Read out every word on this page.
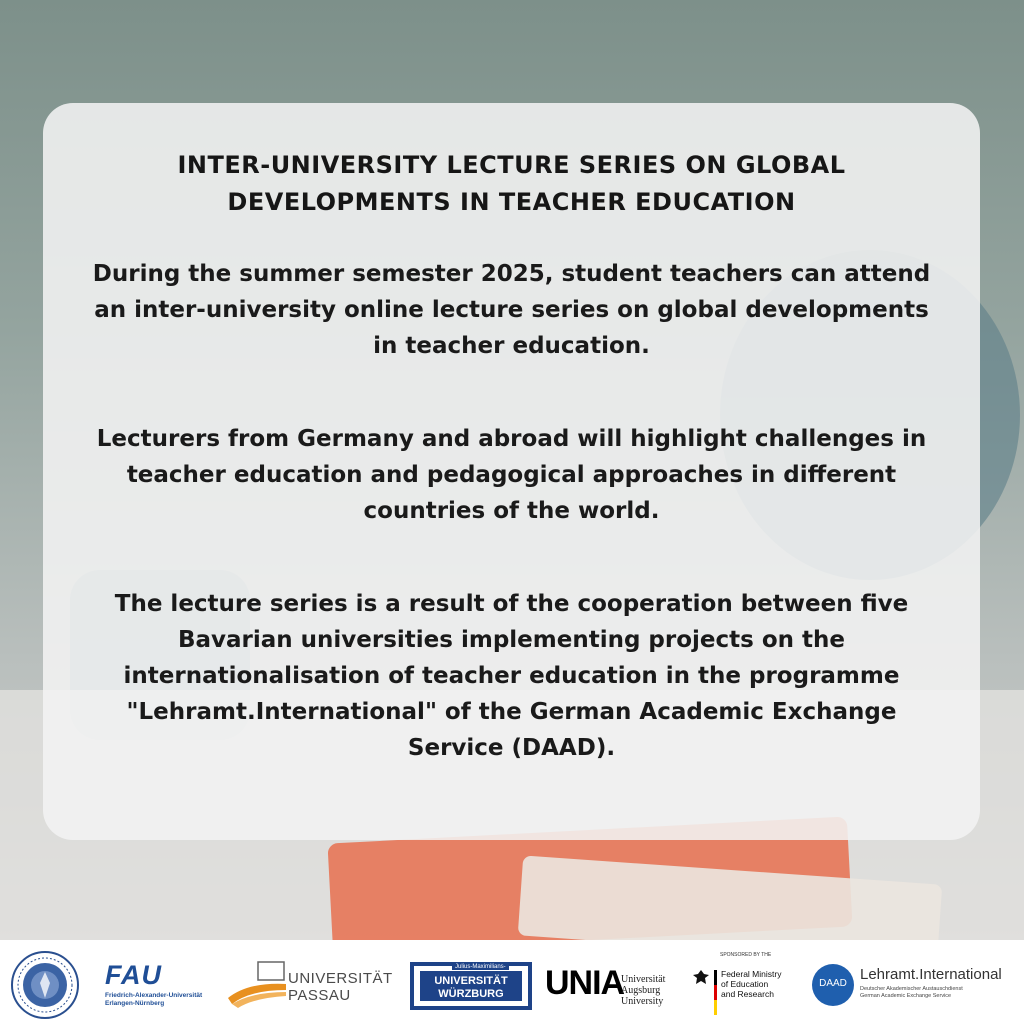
INTER-UNIVERSITY LECTURE SERIES ON GLOBAL
DEVELOPMENTS IN TEACHER EDUCATION
During the summer semester 2025, student teachers can attend an inter-university online lecture series on global developments in teacher education.
Lecturers from Germany and abroad will highlight challenges in teacher education and pedagogical approaches in different countries of the world.
The lecture series is a result of the cooperation between five Bavarian universities implementing projects on the internationalisation of teacher education in the programme "Lehramt.International" of the German Academic Exchange Service (DAAD).
FAU
Friedrich-Alexander-Universität
Erlangen-Nürnberg
UNIVERSITÄT
PASSAU
Julius-Maximilians-
UNIVERSITÄT
WÜRZBURG	UNIA
Universität
Augsburg
University
SPONSORED BY THE
Federal Ministry
of Education
and Research
DAAD
Lehramt.International
Deutscher Akademischer Austauschdienst
German Academic Exchange Service
